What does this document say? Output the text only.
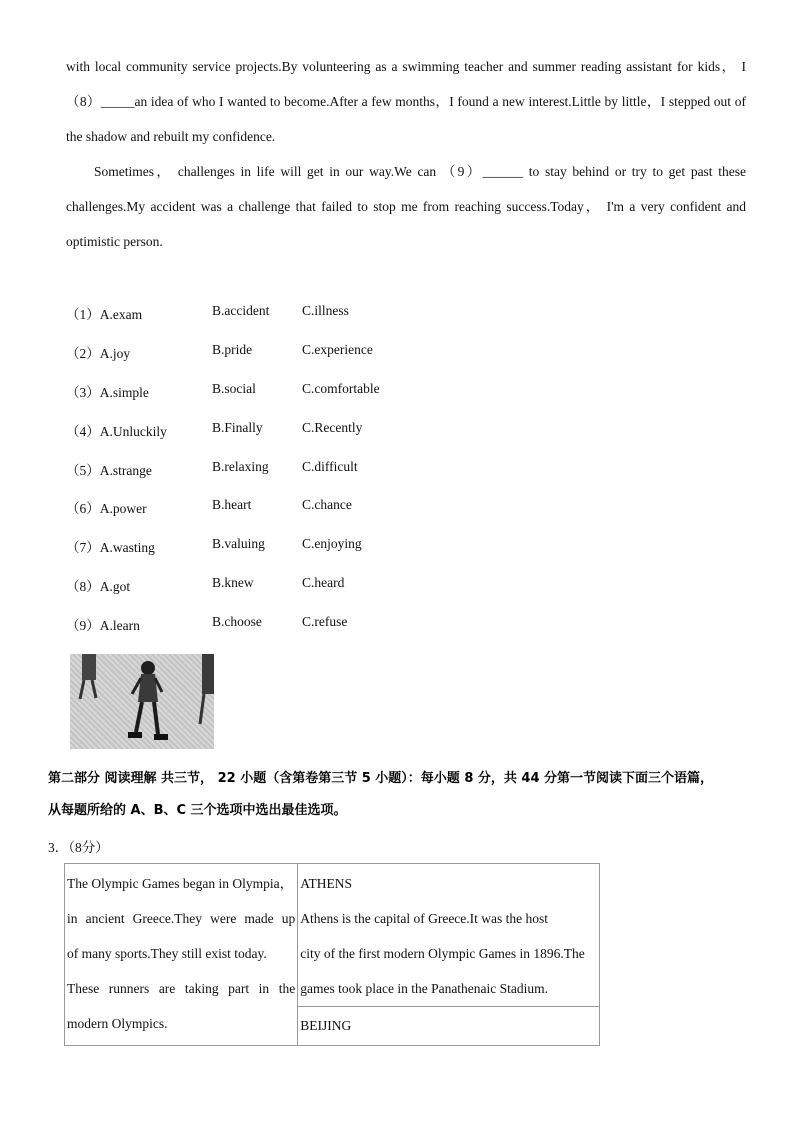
with local community service projects.By volunteering as a swimming teacher and summer reading assistant for kids， I
（8）_____an idea of who I wanted to become.After a few months，I found a new interest.Little by little，I stepped out of
the shadow and rebuilt my confidence.
Sometimes， challenges in life will get in our way.We can （9）______ to stay behind or try to get past these
challenges.My accident was a challenge that failed to stop me from reaching success.Today， I'm a very confident and
optimistic person.
（1）A.exam	B.accident C.illness
（2）A.joy	B.pride	C.experience
（3）A.simple	B.social	C.comfortable
（4）A.Unluckily	B.Finally	C.Recently
（5）A.strange	B.relaxing C.difficult
（6）A.power	B.heart	C.chance
（7）A.wasting	B.valuing	C.enjoying
（8）A.got	B.knew	C.heard
（9）A.learn	B.choose	C.refuse
第二部分 阅读理解 共三节， 22 小题（含第卷第三节 5 小题）：每小题 8 分，共 44 分第一节阅读下面三个语篇，
从每题所给的 A、B、C 三个选项中选出最佳选项。
3．（8分）
The Olympic Games began in Olympia，
in ancient Greece.They were made up
of many sports.They still exist today.
These runners are taking part in the
modern Olympics.

ATHENS
Athens is the capital of Greece.It was the host
city of the first modern Olympic Games in 1896.The
games took place in the Panathenaic Stadium.

BEIJING
